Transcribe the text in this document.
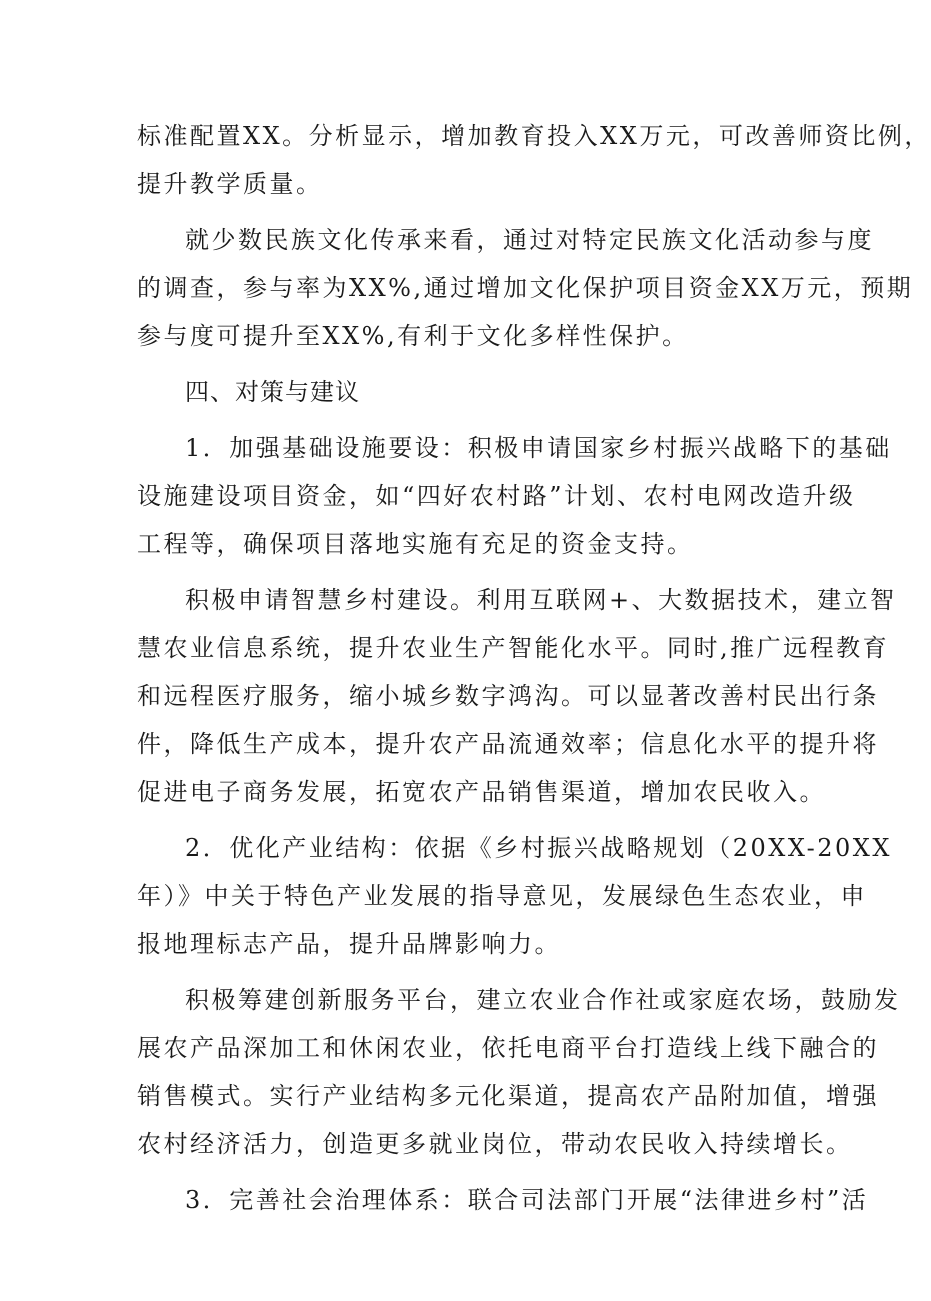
标准配置XX。分析显示，增加教育投入XX万元，可改善师资比例，
提升教学质量。
就少数民族文化传承来看，通过对特定民族文化活动参与度
的调查，参与率为XX%,通过增加文化保护项目资金XX万元，预期
参与度可提升至XX%,有利于文化多样性保护。
四、对策与建议
1．加强基础设施要设：积极申请国家乡村振兴战略下的基础
设施建设项目资金，如“四好农村路”计划、农村电网改造升级
工程等，确保项目落地实施有充足的资金支持。
积极申请智慧乡村建设。利用互联网+、大数据技术，建立智
慧农业信息系统，提升农业生产智能化水平。同时,推广远程教育
和远程医疗服务，缩小城乡数字鸿沟。可以显著改善村民出行条
件，降低生产成本，提升农产品流通效率；信息化水平的提升将
促进电子商务发展，拓宽农产品销售渠道，增加农民收入。
2．优化产业结构：依据《乡村振兴战略规划（20XX-20XX
年）》中关于特色产业发展的指导意见，发展绿色生态农业，申
报地理标志产品，提升品牌影响力。
积极筹建创新服务平台，建立农业合作社或家庭农场，鼓励发
展农产品深加工和休闲农业，依托电商平台打造线上线下融合的
销售模式。实行产业结构多元化渠道，提高农产品附加值，增强
农村经济活力，创造更多就业岗位，带动农民收入持续增长。
3．完善社会治理体系：联合司法部门开展“法律进乡村”活
